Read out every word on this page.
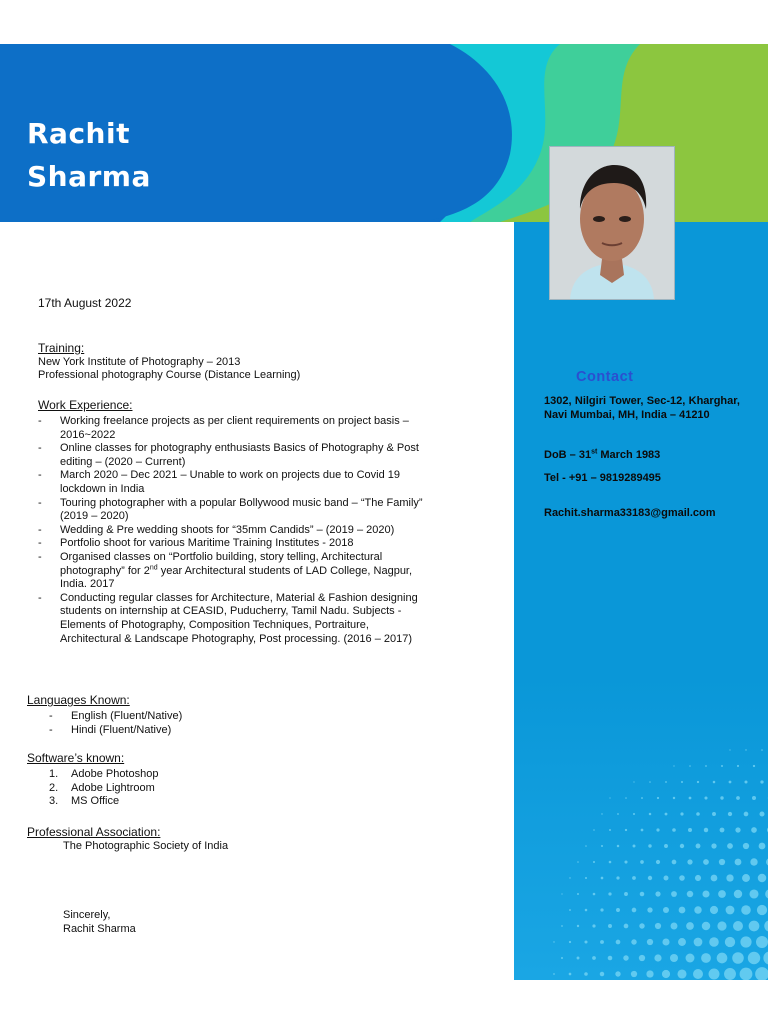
Rachit
Sharma
Contact
1302, Nilgiri Tower, Sec-12, Kharghar, Navi Mumbai, MH, India – 41210
DoB – 31st March 1983
Tel - +91 – 9819289495
Rachit.sharma33183@gmail.com
17th August 2022
Training:
New York Institute of Photography – 2013
Professional photography Course (Distance Learning)
Work Experience:
- Working freelance projects as per client requirements on project basis – 2016~2022
- Online classes for photography enthusiasts Basics of Photography & Post editing – (2020 – Current)
- March 2020 – Dec 2021 – Unable to work on projects due to Covid 19 lockdown in India
- Touring photographer with a popular Bollywood music band – “The Family” (2019 – 2020)
- Wedding & Pre wedding shoots for “35mm Candids” – (2019 – 2020)
- Portfolio shoot for various Maritime Training Institutes - 2018
- Organised classes on “Portfolio building, story telling, Architectural photography” for 2nd year Architectural students of LAD College, Nagpur, India. 2017
- Conducting regular classes for Architecture, Material & Fashion designing students on internship at CEASID, Puducherry, Tamil Nadu. Subjects - Elements of Photography, Composition Techniques, Portraiture, Architectural & Landscape Photography, Post processing. (2016 – 2017)
Languages Known:
- English (Fluent/Native)
- Hindi (Fluent/Native)
Software’s known:
1. Adobe Photoshop
2. Adobe Lightroom
3. MS Office
Professional Association:
The Photographic Society of India
Sincerely,
Rachit Sharma
